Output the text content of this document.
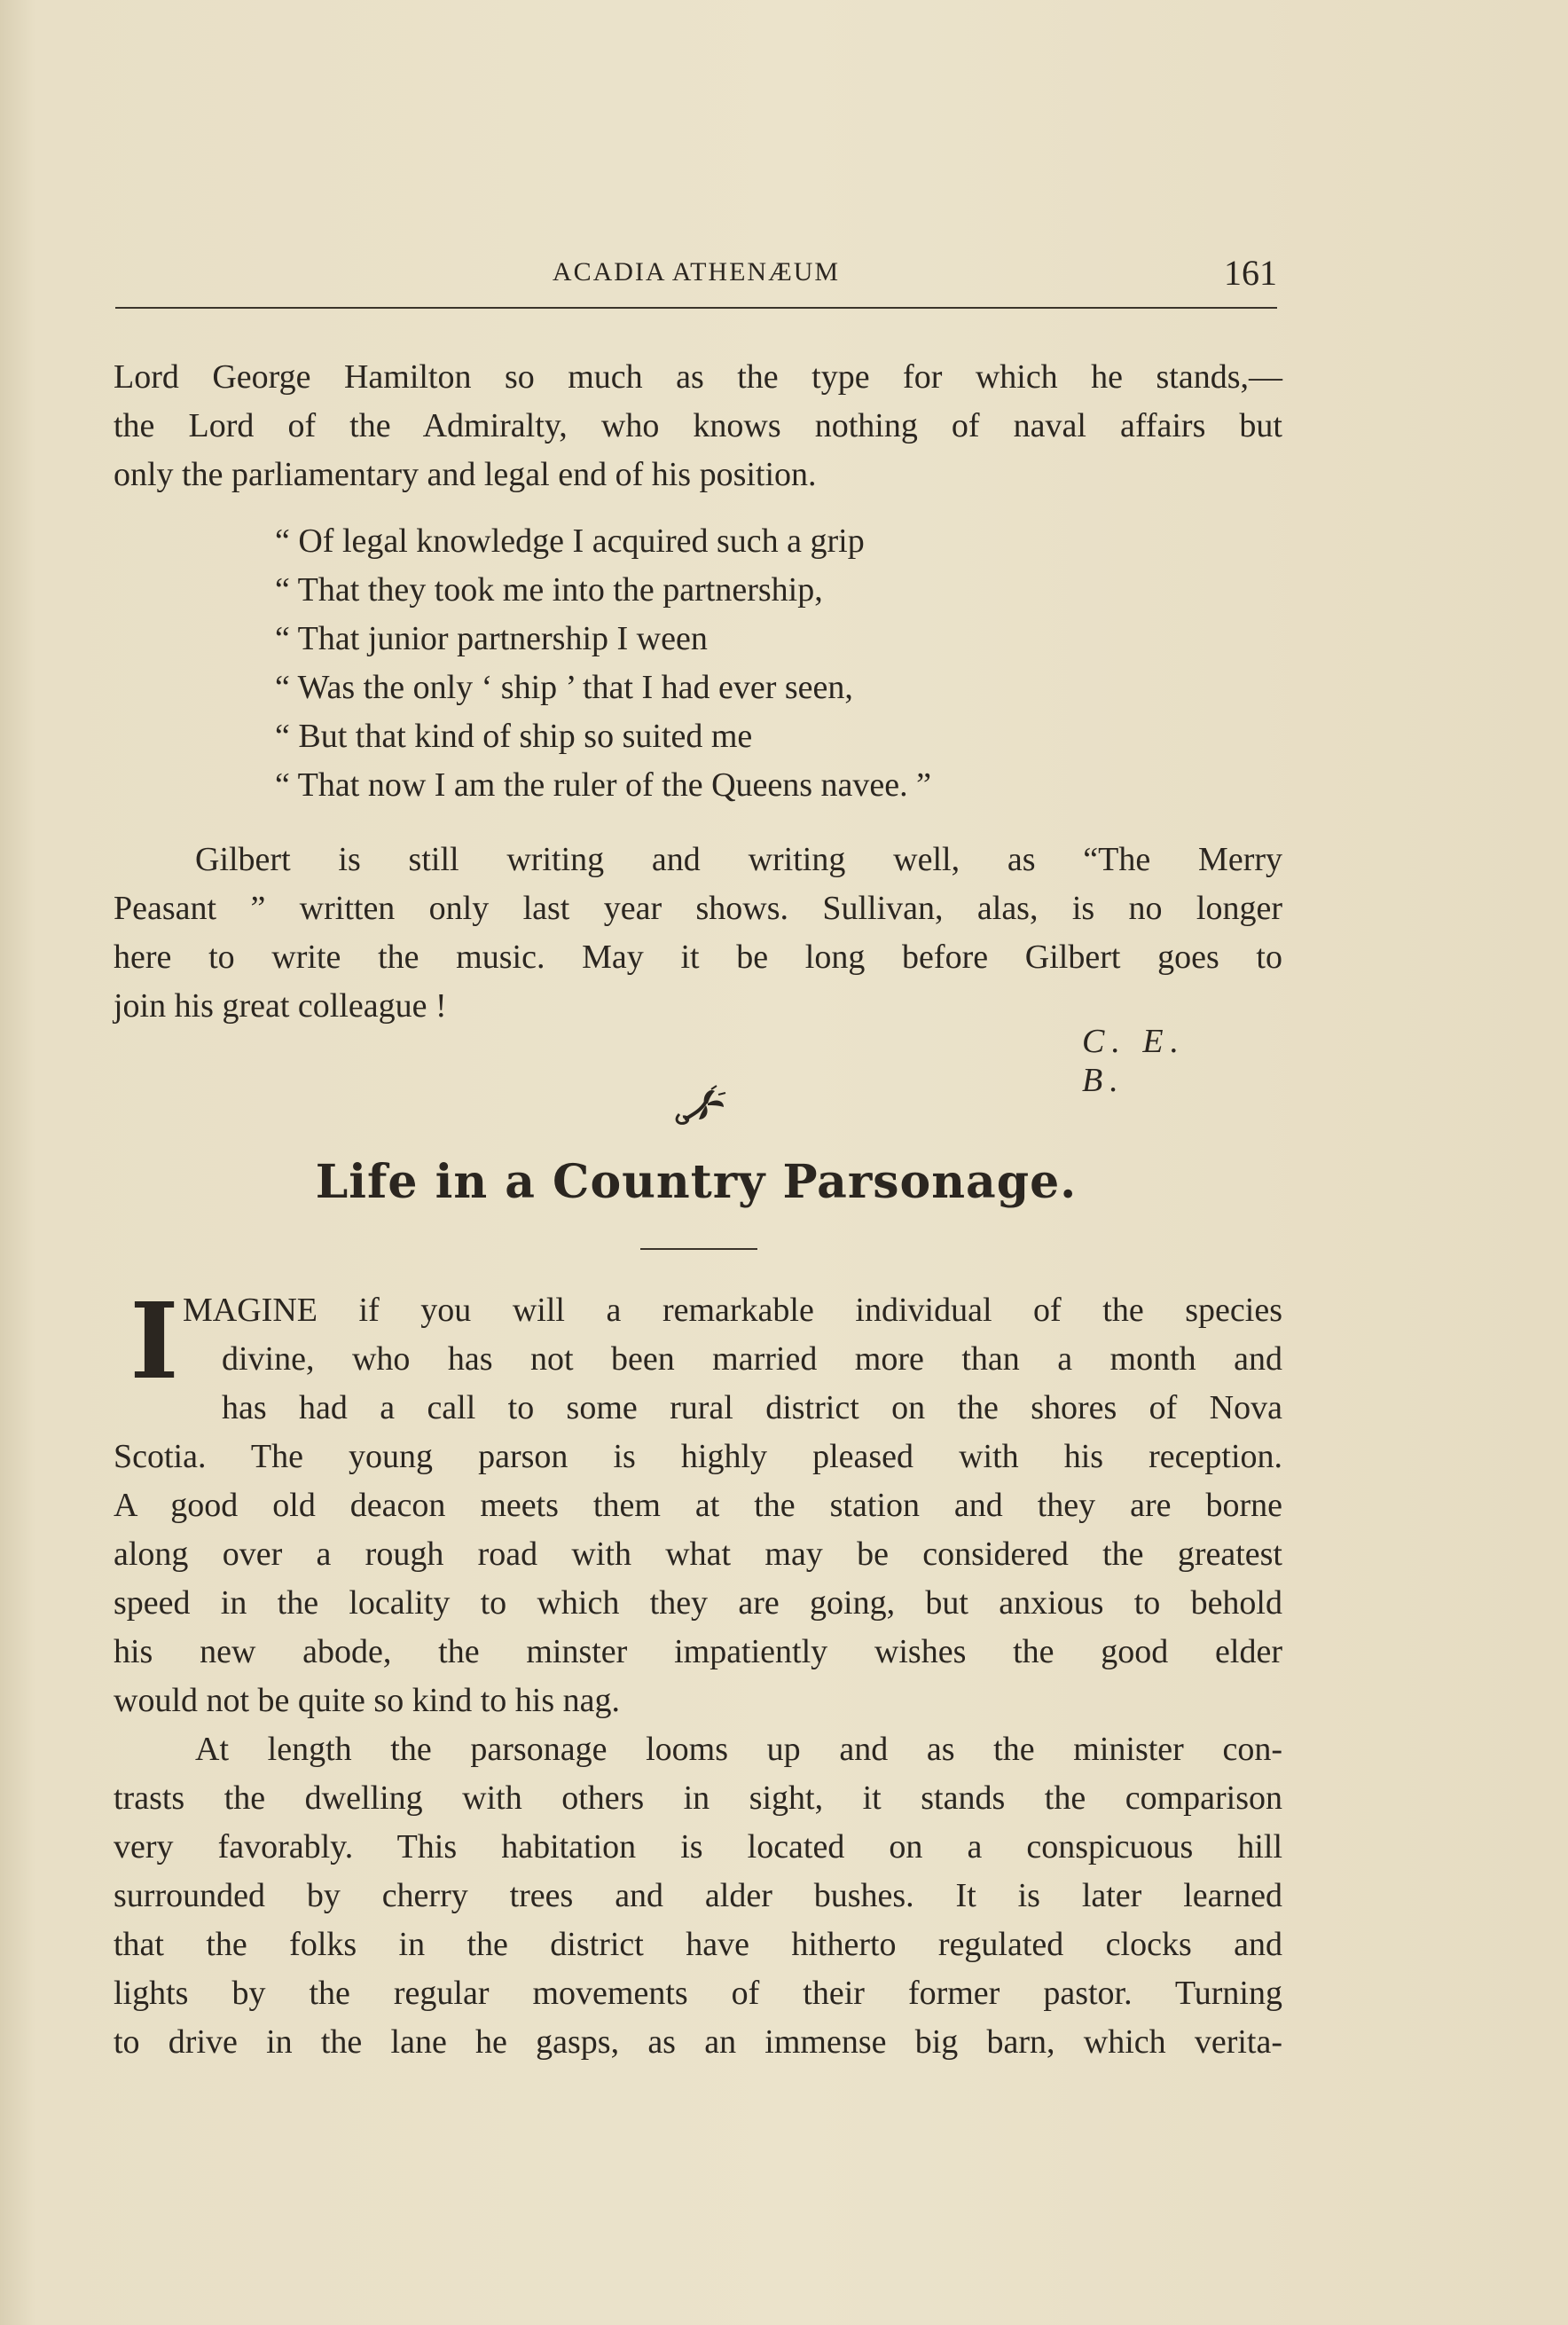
ACADIA ATHENÆUM	161
Lord George Hamilton so much as the type for which he stands,—
the Lord of the Admiralty, who knows nothing of naval affairs but
only the parliamentary and legal end of his position.
“ Of legal knowledge I acquired such a grip
“ That they took me into the partnership,
“ That junior partnership I ween
“ Was the only ‘ ship ’ that I had ever seen,
“ But that kind of ship so suited me
“ That now I am the ruler of the Queens navee. ”
Gilbert is still writing and writing well, as “The Merry
Peasant ” written only last year shows. Sullivan, alas, is no longer
here to write the music. May it be long before Gilbert goes to
join his great colleague !
C. E. B.
Life in a Country Parsonage.
I MAGINE if you will a remarkable individual of the species
divine, who has not been married more than a month and
has had a call to some rural district on the shores of Nova
Scotia. The young parson is highly pleased with his reception.
A good old deacon meets them at the station and they are borne
along over a rough road with what may be considered the greatest
speed in the locality to which they are going, but anxious to behold
his new abode, the minster impatiently wishes the good elder
would not be quite so kind to his nag.
At length the parsonage looms up and as the minister con-
trasts the dwelling with others in sight, it stands the comparison
very favorably. This habitation is located on a conspicuous hill
surrounded by cherry trees and alder bushes. It is later learned
that the folks in the district have hitherto regulated clocks and
lights by the regular movements of their former pastor. Turning
to drive in the lane he gasps, as an immense big barn, which verita-
